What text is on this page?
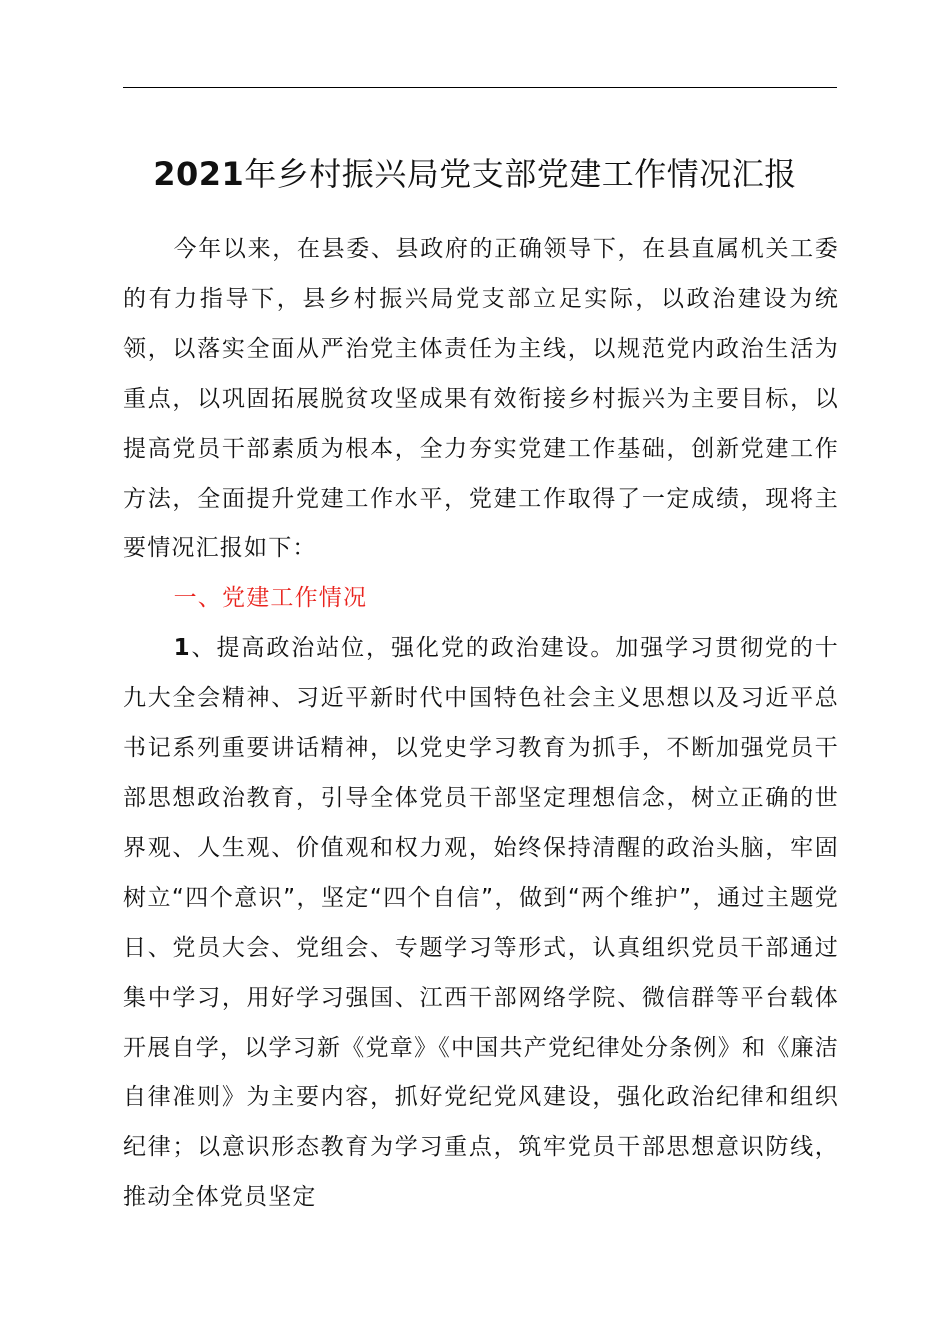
2021年乡村振兴局党支部党建工作情况汇报

今年以来，在县委、县政府的正确领导下，在县直属机关工委的有力指导下，县乡村振兴局党支部立足实际，以政治建设为统领，以落实全面从严治党主体责任为主线，以规范党内政治生活为重点，以巩固拓展脱贫攻坚成果有效衔接乡村振兴为主要目标，以提高党员干部素质为根本，全力夯实党建工作基础，创新党建工作方法，全面提升党建工作水平，党建工作取得了一定成绩，现将主要情况汇报如下：

一、党建工作情况

1、提高政治站位，强化党的政治建设。加强学习贯彻党的十九大全会精神、习近平新时代中国特色社会主义思想以及习近平总书记系列重要讲话精神，以党史学习教育为抓手，不断加强党员干部思想政治教育，引导全体党员干部坚定理想信念，树立正确的世界观、人生观、价值观和权力观，始终保持清醒的政治头脑，牢固树立“四个意识”，坚定“四个自信”，做到“两个维护”，通过主题党日、党员大会、党组会、专题学习等形式，认真组织党员干部通过集中学习，用好学习强国、江西干部网络学院、微信群等平台载体开展自学，以学习新《党章》《中国共产党纪律处分条例》和《廉洁自律准则》为主要内容，抓好党纪党风建设，强化政治纪律和组织纪律；以意识形态教育为学习重点，筑牢党员干部思想意识防线，推动全体党员坚定
